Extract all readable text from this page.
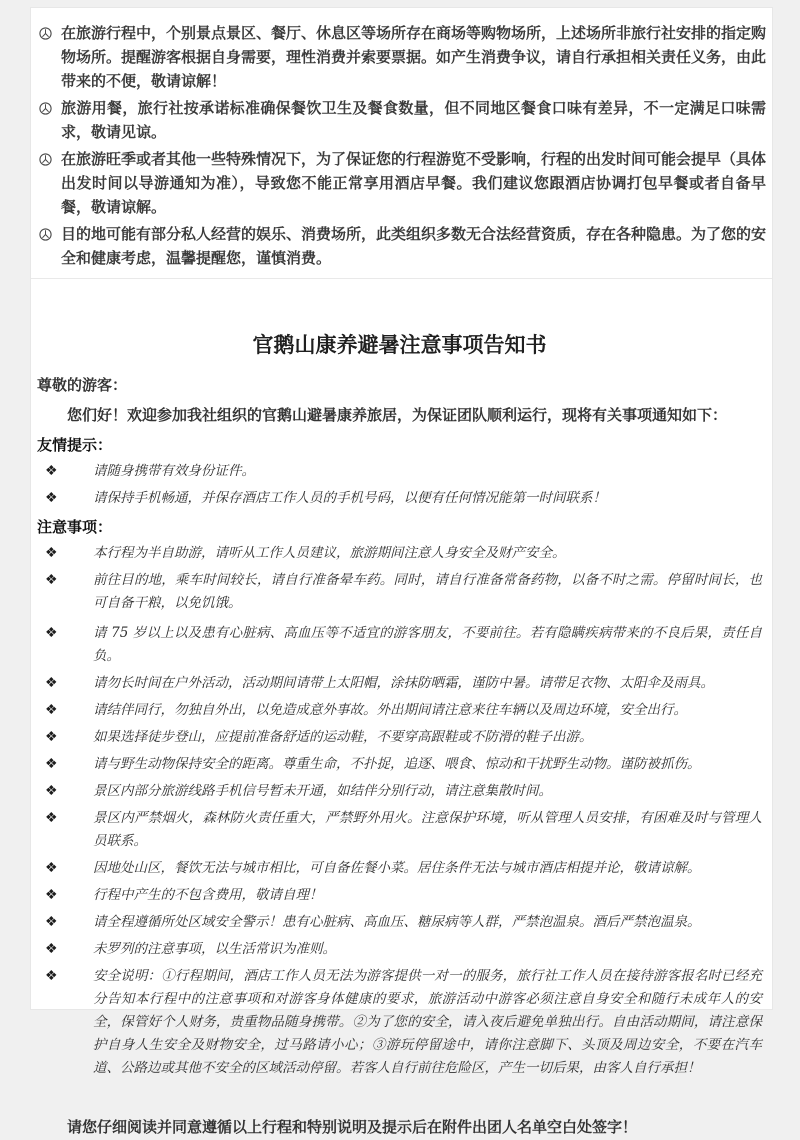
在旅游行程中，个别景点景区、餐厅、休息区等场所存在商场等购物场所，上述场所非旅行社安排的指定购物场所。提醒游客根据自身需要，理性消费并索要票据。如产生消费争议，请自行承担相关责任义务，由此带来的不便，敬请谅解！
旅游用餐，旅行社按承诺标准确保餐饮卫生及餐食数量，但不同地区餐食口味有差异，不一定满足口味需求，敬请见谅。
在旅游旺季或者其他一些特殊情况下，为了保证您的行程游览不受影响，行程的出发时间可能会提早（具体出发时间以导游通知为准），导致您不能正常享用酒店早餐。我们建议您跟酒店协调打包早餐或者自备早餐，敬请谅解。
目的地可能有部分私人经营的娱乐、消费场所，此类组织多数无合法经营资质，存在各种隐患。为了您的安全和健康考虑，温馨提醒您，谨慎消费。
官鹅山康养避暑注意事项告知书
尊敬的游客：
您们好！欢迎参加我社组织的官鹅山避暑康养旅居，为保证团队顺利运行，现将有关事项通知如下：
友情提示：
❖	请随身携带有效身份证件。
❖	请保持手机畅通，并保存酒店工作人员的手机号码，以便有任何情况能第一时间联系！
注意事项：
❖	本行程为半自助游，请听从工作人员建议，旅游期间注意人身安全及财产安全。
❖	前往目的地，乘车时间较长，请自行准备晕车药。同时，请自行准备常备药物，以备不时之需。停留时间长，也可自备干粮，以免饥饿。
❖	请 75 岁以上以及患有心脏病、高血压等不适宜的游客朋友，不要前往。若有隐瞒疾病带来的不良后果，责任自负。
❖	请勿长时间在户外活动，活动期间请带上太阳帽，涂抹防晒霜，谨防中暑。请带足衣物、太阳伞及雨具。
❖	请结伴同行，勿独自外出，以免造成意外事故。外出期间请注意来往车辆以及周边环境，安全出行。
❖	如果选择徒步登山，应提前准备舒适的运动鞋，不要穿高跟鞋或不防滑的鞋子出游。
❖	请与野生动物保持安全的距离。尊重生命，不扑捉，追逐、喂食、惊动和干扰野生动物。谨防被抓伤。
❖	景区内部分旅游线路手机信号暂未开通，如结伴分别行动，请注意集散时间。
❖	景区内严禁烟火，森林防火责任重大，严禁野外用火。注意保护环境，听从管理人员安排，有困难及时与管理人员联系。
❖	因地处山区，餐饮无法与城市相比，可自备佐餐小菜。居住条件无法与城市酒店相提并论，敬请谅解。
❖	行程中产生的不包含费用，敬请自理！
❖	请全程遵循所处区域安全警示！患有心脏病、高血压、糖尿病等人群，严禁泡温泉。酒后严禁泡温泉。
❖	未罗列的注意事项，以生活常识为准则。
❖	安全说明：①行程期间，酒店工作人员无法为游客提供一对一的服务，旅行社工作人员在接待游客报名时已经充分告知本行程中的注意事项和对游客身体健康的要求，旅游活动中游客必须注意自身安全和随行未成年人的安全，保管好个人财务，贵重物品随身携带。②为了您的安全，请入夜后避免单独出行。自由活动期间，请注意保护自身人生安全及财物安全，过马路请小心；③游玩停留途中，请你注意脚下、头顶及周边安全，不要在汽车道、公路边或其他不安全的区域活动停留。若客人自行前往危险区，产生一切后果，由客人自行承担！
请您仔细阅读并同意遵循以上行程和特别说明及提示后在附件出团人名单空白处签字！
